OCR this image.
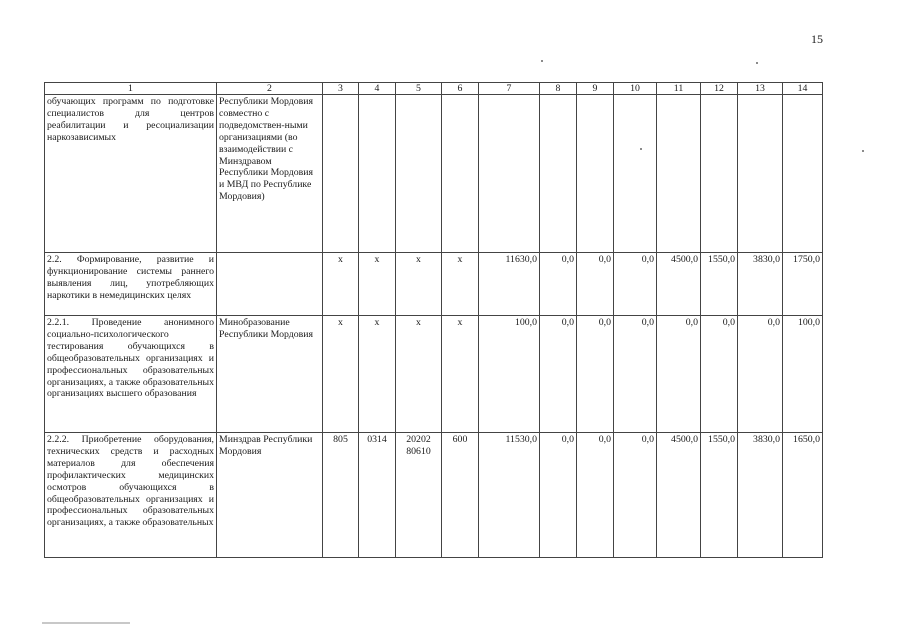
15
1	2	3	4	5	6	7	8	9	10	11	12	13	14
обучающих программ по подготовке специалистов для центров реабилитации и ресоциализации наркозависимых	Республики Мордовия совместно с подведомствен-ными организациями (во взаимодействии с Минздравом Республики Мордовия и МВД по Республике Мордовия)												
2.2. Формирование, развитие и функционирование системы раннего выявления лиц, употребляющих наркотики в немедицинских целях		x	x	x	x	11630,0	0,0	0,0	0,0	4500,0	1550,0	3830,0	1750,0
2.2.1. Проведение анонимного социально-психологического тестирования обучающихся в общеобразовательных организациях и профессиональных образовательных организациях, а также образовательных организациях высшего образования	Минобразование Республики Мордовия	x	x	x	x	100,0	0,0	0,0	0,0	0,0	0,0	0,0	100,0
2.2.2. Приобретение оборудования, технических средств и расходных материалов для обеспечения профилактических медицинских осмотров обучающихся в общеобразовательных организациях и профессиональных образовательных организациях, а также образовательных	Минздрав Республики Мордовия	805	0314	20202 80610	600	11530,0	0,0	0,0	0,0	4500,0	1550,0	3830,0	1650,0
